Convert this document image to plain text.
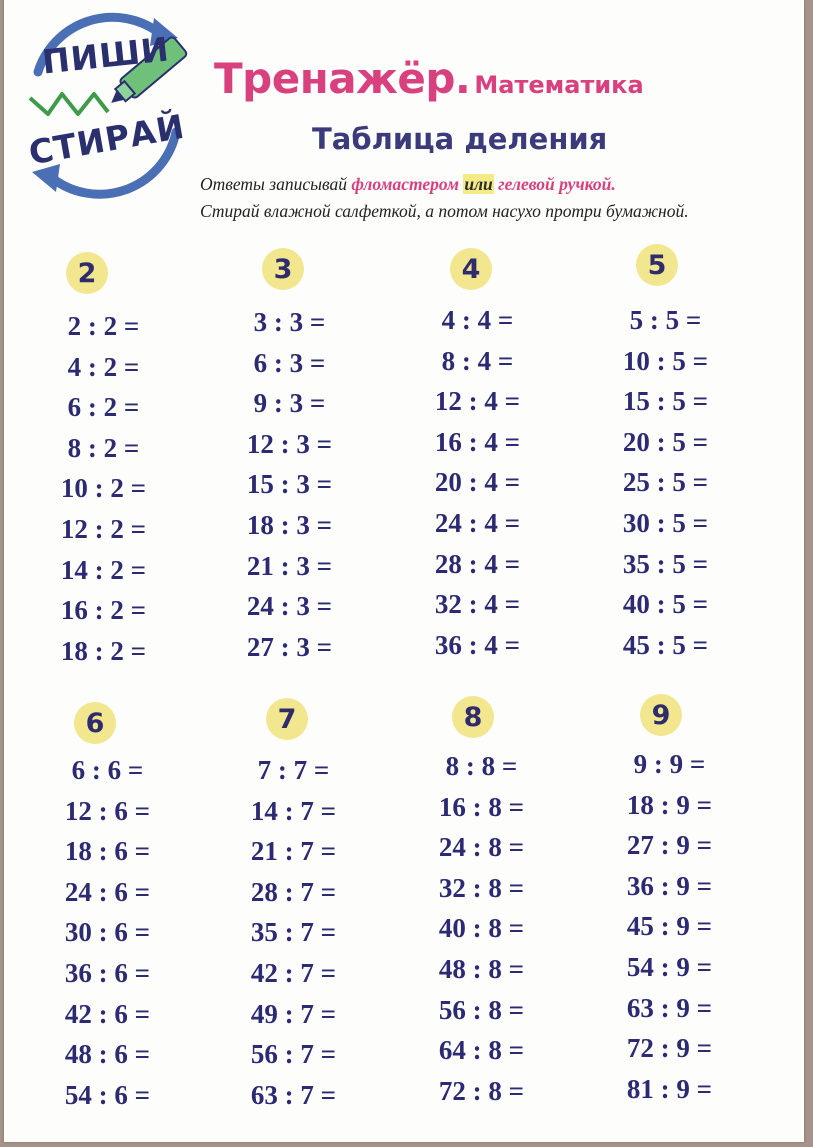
ПИШИ
СТИРАЙ
Тренажёр. Математика
Таблица деления
Ответы записывай фломастером или гелевой ручкой.
Стирай влажной салфеткой, а потом насухо протри бумажной.
2
2 : 2 =
4 : 2 =
6 : 2 =
8 : 2 =
10 : 2 =
12 : 2 =
14 : 2 =
16 : 2 =
18 : 2 =
3
3 : 3 =
6 : 3 =
9 : 3 =
12 : 3 =
15 : 3 =
18 : 3 =
21 : 3 =
24 : 3 =
27 : 3 =
4
4 : 4 =
8 : 4 =
12 : 4 =
16 : 4 =
20 : 4 =
24 : 4 =
28 : 4 =
32 : 4 =
36 : 4 =
5
5 : 5 =
10 : 5 =
15 : 5 =
20 : 5 =
25 : 5 =
30 : 5 =
35 : 5 =
40 : 5 =
45 : 5 =
6
6 : 6 =
12 : 6 =
18 : 6 =
24 : 6 =
30 : 6 =
36 : 6 =
42 : 6 =
48 : 6 =
54 : 6 =
7
7 : 7 =
14 : 7 =
21 : 7 =
28 : 7 =
35 : 7 =
42 : 7 =
49 : 7 =
56 : 7 =
63 : 7 =
8
8 : 8 =
16 : 8 =
24 : 8 =
32 : 8 =
40 : 8 =
48 : 8 =
56 : 8 =
64 : 8 =
72 : 8 =
9
9 : 9 =
18 : 9 =
27 : 9 =
36 : 9 =
45 : 9 =
54 : 9 =
63 : 9 =
72 : 9 =
81 : 9 =
